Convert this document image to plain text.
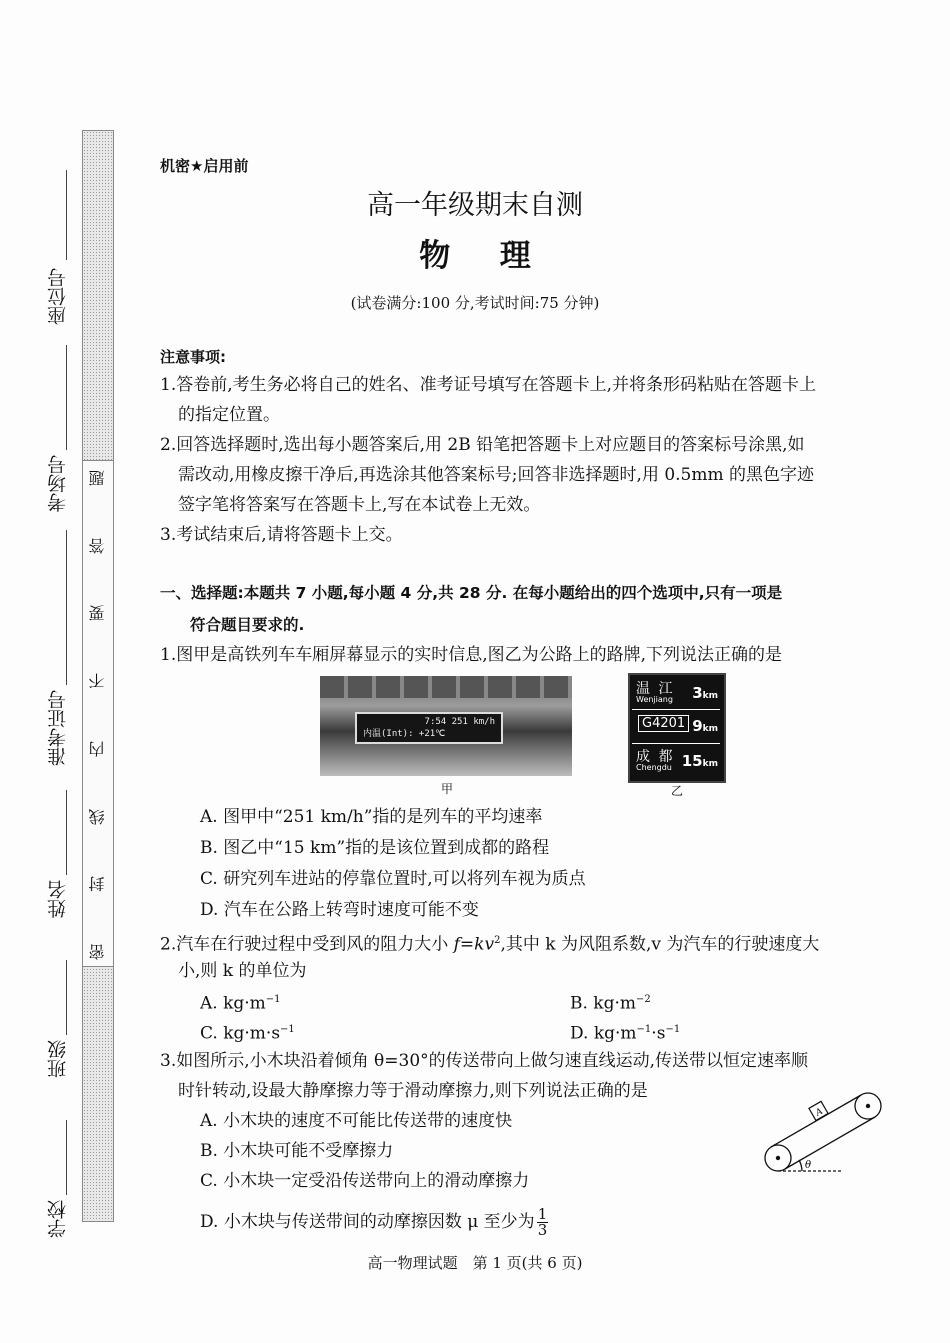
题
答
要
不
内
线
封
密
座位号
考场号
准考证号
姓名
班级
学校
机密★启用前
高一年级期末自测
物理
(试卷满分:100 分,考试时间:75 分钟)
注意事项:
1.答卷前,考生务必将自己的姓名、准考证号填写在答题卡上,并将条形码粘贴在答题卡上
的指定位置。
2.回答选择题时,选出每小题答案后,用 2B 铅笔把答题卡上对应题目的答案标号涂黑,如
需改动,用橡皮擦干净后,再选涂其他答案标号;回答非选择题时,用 0.5mm 的黑色字迹
签字笔将答案写在答题卡上,写在本试卷上无效。
3.考试结束后,请将答题卡上交。
一、选择题:本题共 7 小题,每小题 4 分,共 28 分. 在每小题给出的四个选项中,只有一项是
符合题目要求的.
1.图甲是高铁列车车厢屏幕显示的实时信息,图乙为公路上的路牌,下列说法正确的是
7:54 251 km/h
内温(Int): +21℃
温 江
Wenjiang 3km
G4201 9km
成 都
Chengdu 15km
甲	乙
A. 图甲中“251 km/h”指的是列车的平均速率
B. 图乙中“15 km”指的是该位置到成都的路程
C. 研究列车进站的停靠位置时,可以将列车视为质点
D. 汽车在公路上转弯时速度可能不变
2.汽车在行驶过程中受到风的阻力大小 $f=kv^2$,其中 k 为风阻系数,v 为汽车的行驶速度大
小,则 k 的单位为
A. $kg\cdot m^{-1}$	B. $kg\cdot m^{-2}$
C. $kg\cdot m\cdot s^{-1}$	D. $kg\cdot m^{-1}\cdot s^{-1}$
3.如图所示,小木块沿着倾角 θ=30°的传送带向上做匀速直线运动,传送带以恒定速率顺
时针转动,设最大静摩擦力等于滑动摩擦力,则下列说法正确的是
A. 小木块的速度不可能比传送带的速度快
B. 小木块可能不受摩擦力
C. 小木块一定受沿传送带向上的滑动摩擦力
D. 小木块与传送带间的动摩擦因数 μ 至少为 $\frac{1}{3}$
A
θ
高一物理试题　第 1 页(共 6 页)
